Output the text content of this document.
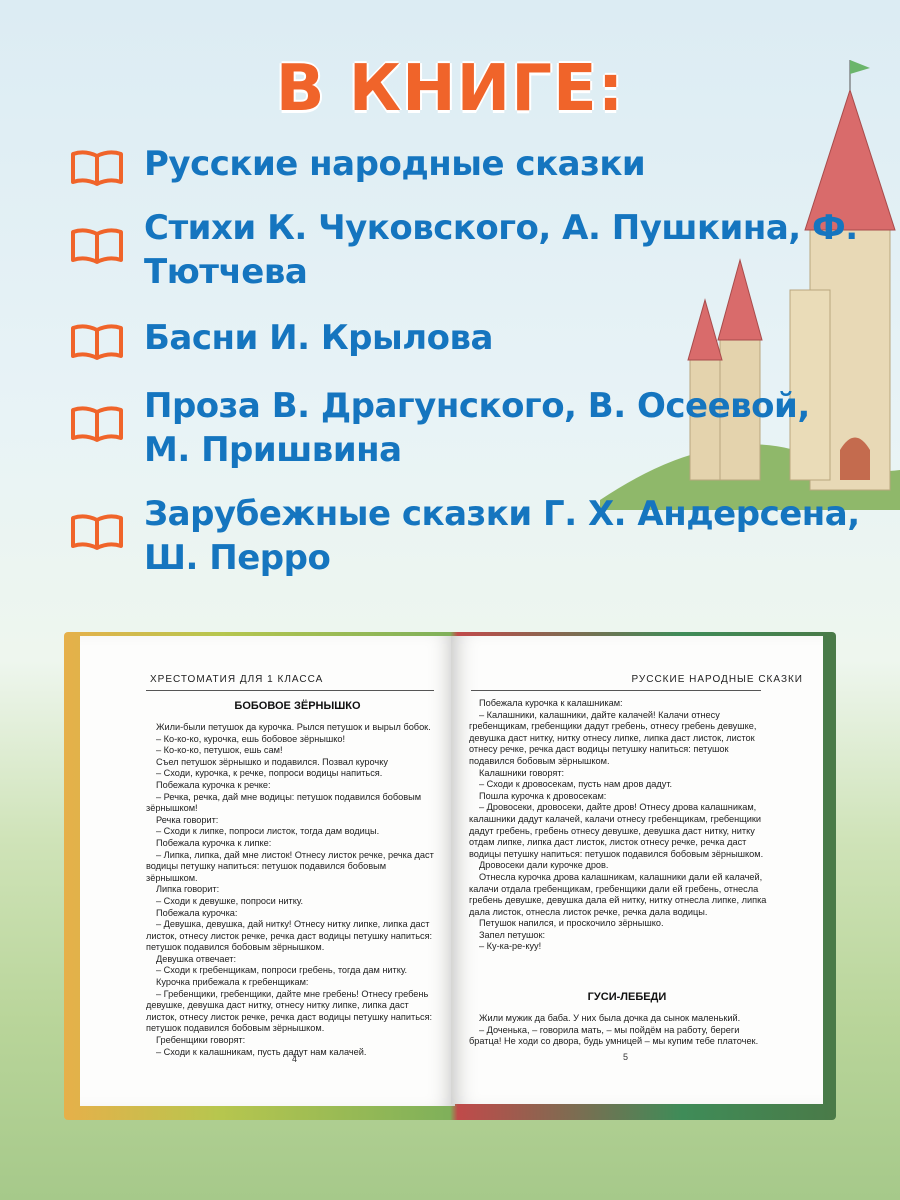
В КНИГЕ:
Русские народные сказки
Стихи К. Чуковского, А. Пушкина, Ф. Тютчева
Басни И. Крылова
Проза В. Драгунского, В. Осеевой, М. Пришвина
Зарубежные сказки Г. Х. Андерсена, Ш. Перро
ХРЕСТОМАТИЯ ДЛЯ 1 КЛАССА
БОБОВОЕ ЗЁРНЫШКО

Жили-были петушок да курочка. Рылся петушок и вырыл бобок.

– Ко-ко-ко, курочка, ешь бобовое зёрнышко!

– Ко-ко-ко, петушок, ешь сам!

Съел петушок зёрнышко и подавился. Позвал курочку

– Сходи, курочка, к речке, попроси водицы напиться.

Побежала курочка к речке:

– Речка, речка, дай мне водицы: петушок подавился бобовым зёрнышком!

Речка говорит:

– Сходи к липке, попроси листок, тогда дам водицы.

Побежала курочка к липке:

– Липка, липка, дай мне листок! Отнесу листок речке, речка даст водицы петушку напиться: петушок подавился бобовым зёрнышком.

Липка говорит:

– Сходи к девушке, попроси нитку.

Побежала курочка:

– Девушка, девушка, дай нитку! Отнесу нитку липке, липка даст листок, отнесу листок речке, речка даст водицы петушку напиться: петушок подавился бобовым зёрнышком.

Девушка отвечает:

– Сходи к гребенщикам, попроси гребень, тогда дам нитку.

Курочка прибежала к гребенщикам:

– Гребенщики, гребенщики, дайте мне гребень! Отнесу гребень девушке, девушка даст нитку, отнесу нитку липке, липка даст листок, отнесу листок речке, речка даст водицы петушку напиться: петушок подавился бобовым зёрнышком.

Гребенщики говорят:

– Сходи к калашникам, пусть дадут нам калачей.

4
РУССКИЕ НАРОДНЫЕ СКАЗКИ

Побежала курочка к калашникам:

– Калашники, калашники, дайте калачей! Калачи отнесу гребенщикам, гребенщики дадут гребень, отнесу гребень девушке, девушка даст нитку, нитку отнесу липке, липка даст листок, листок отнесу речке, речка даст водицы петушку напиться: петушок подавился бобовым зёрнышком.

Калашники говорят:

– Сходи к дровосекам, пусть нам дров дадут.

Пошла курочка к дровосекам:

– Дровосеки, дровосеки, дайте дров! Отнесу дрова калашникам, калашники дадут калачей, калачи отнесу гребенщикам, гребенщики дадут гребень, гребень отнесу девушке, девушка даст нитку, нитку отдам липке, липка даст листок, листок отнесу речке, речка даст водицы петушку напиться: петушок подавился бобовым зёрнышком.

Дровосеки дали курочке дров.

Отнесла курочка дрова калашникам, калашники дали ей калачей, калачи отдала гребенщикам, гребенщики дали ей гребень, отнесла гребень девушке, девушка дала ей нитку, нитку отнесла липке, липка дала листок, отнесла листок речке, речка дала водицы.

Петушок напился, и проскочило зёрнышко.

Запел петушок:

– Ку-ка-ре-куу!

ГУСИ-ЛЕБЕДИ

Жили мужик да баба. У них была дочка да сынок маленький.

– Доченька, – говорила мать, – мы пойдём на работу, береги братца! Не ходи со двора, будь умницей – мы купим тебе платочек.

5
